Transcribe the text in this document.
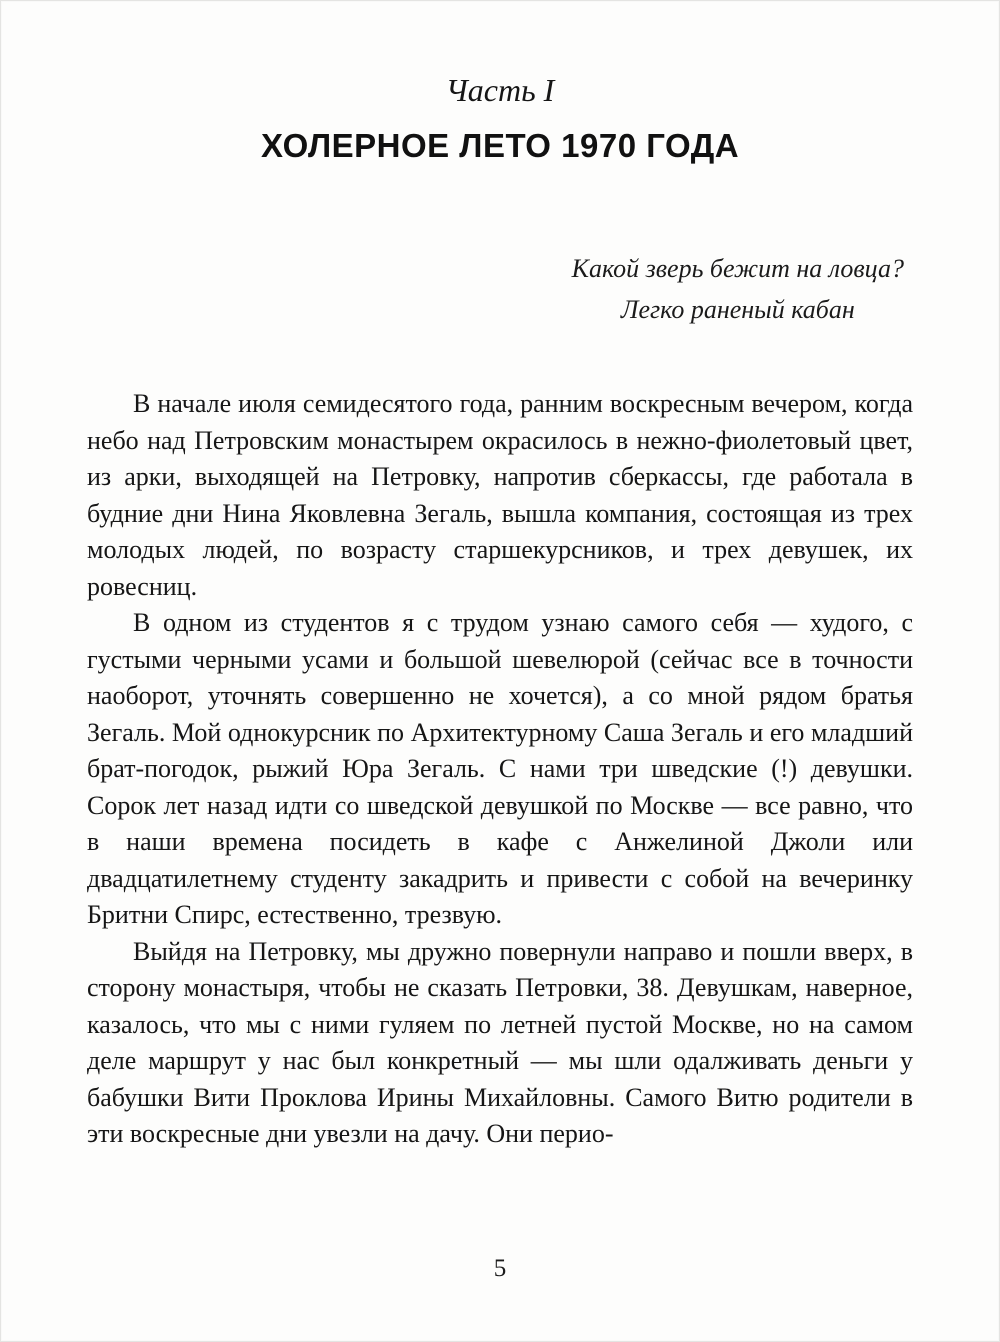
Часть I
ХОЛЕРНОЕ ЛЕТО 1970 ГОДА
Какой зверь бежит на ловца?
Легко раненый кабан

В начале июля семидесятого года, ранним воскресным вечером, когда небо над Петровским монастырем окрасилось в нежно-фиолетовый цвет, из арки, выходящей на Петровку, напротив сберкассы, где работала в будние дни Нина Яковлевна Зегаль, вышла компания, состоящая из трех молодых людей, по возрасту старшекурсников, и трех девушек, их ровесниц.

В одном из студентов я с трудом узнаю самого себя — худого, с густыми черными усами и большой шевелюрой (сейчас все в точности наоборот, уточнять совершенно не хочется), а со мной рядом братья Зегаль. Мой однокурсник по Архитектурному Саша Зегаль и его младший брат-погодок, рыжий Юра Зегаль. С нами три шведские (!) девушки. Сорок лет назад идти со шведской девушкой по Москве — все равно, что в наши времена посидеть в кафе с Анжелиной Джоли или двадцатилетнему студенту закадрить и привести с собой на вечеринку Бритни Спирс, естественно, трезвую.

Выйдя на Петровку, мы дружно повернули направо и пошли вверх, в сторону монастыря, чтобы не сказать Петровки, 38. Девушкам, наверное, казалось, что мы с ними гуляем по летней пустой Москве, но на самом деле маршрут у нас был конкретный — мы шли одалживать деньги у бабушки Вити Проклова Ирины Михайловны. Самого Витю родители в эти воскресные дни увезли на дачу. Они перио-

5
